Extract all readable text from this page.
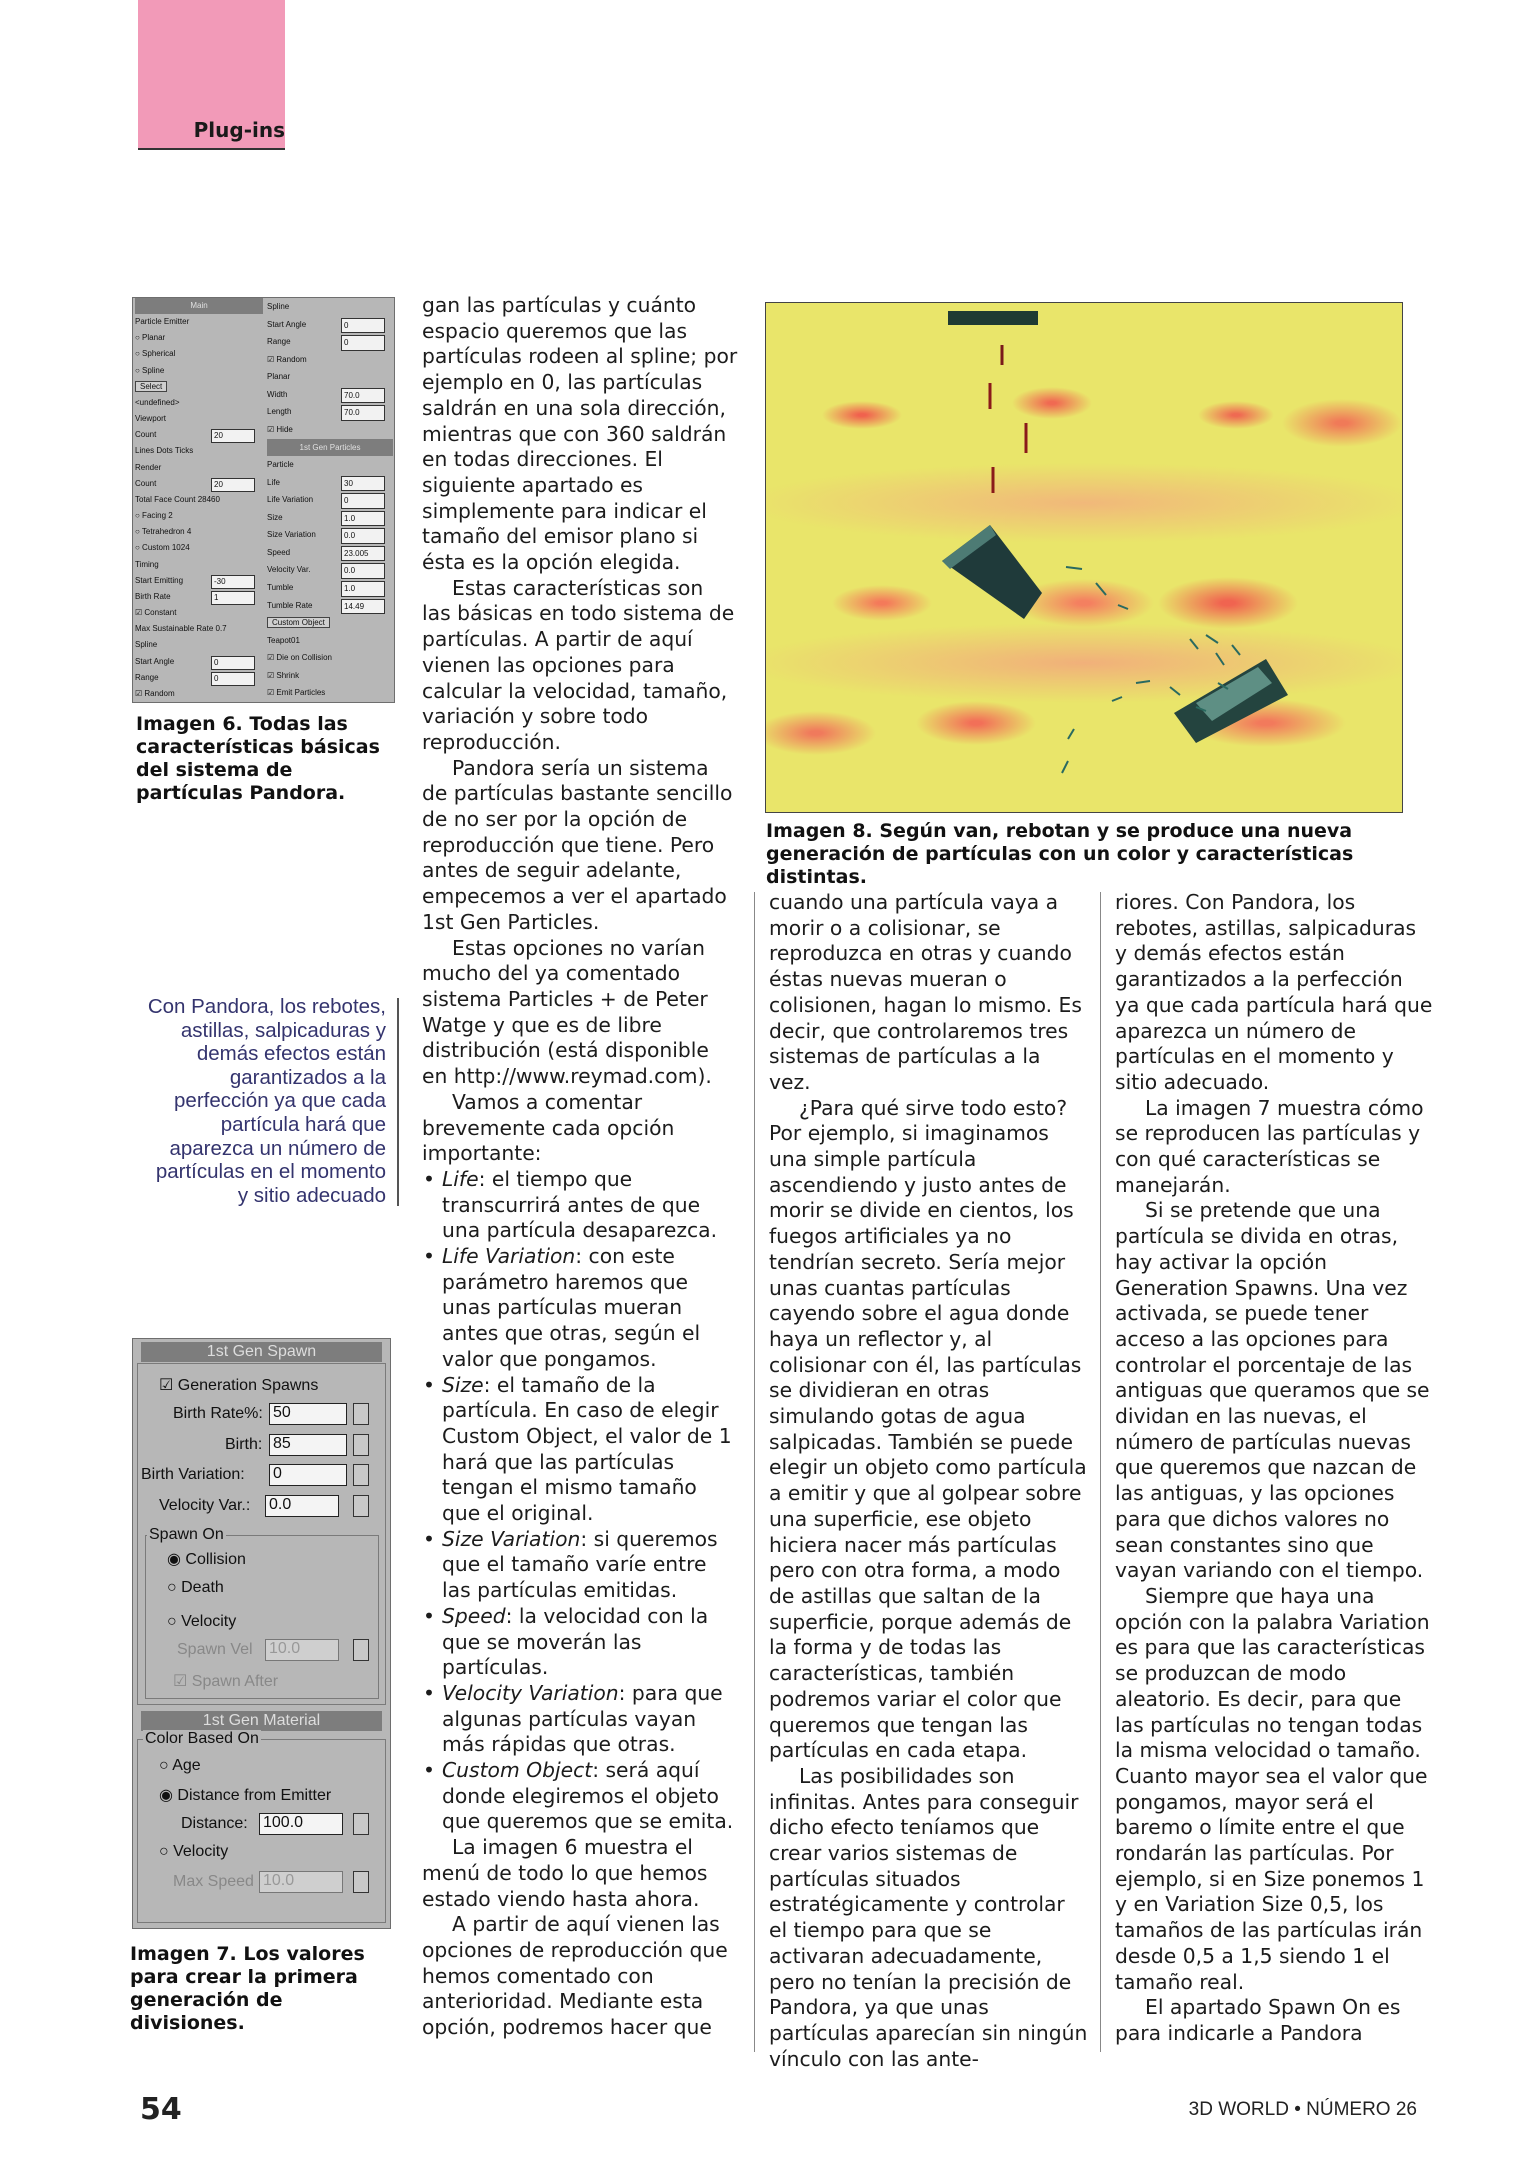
Plug-ins
Main
Particle Emitter
○ Planar
○ Spherical
○ Spline
Select
<undefined>
Viewport
Count	20
Lines Dots Ticks
Render
Count	20
Total Face Count 28460
○ Facing 2
○ Tetrahedron 4
○ Custom 1024
Timing
Start Emitting	-30
Birth Rate	1
☑ Constant
Max Sustainable Rate 0.7
Spline
Start Angle	0
Range	0
☑ Random
Spline
Start Angle	0
Range	0
☑ Random
Planar
Width	70.0
Length	70.0
☑ Hide
1st Gen Particles
Particle
Life	30
Life Variation	0
Size	1.0
Size Variation	0.0
Speed	23.005
Velocity Var.	0.0
Tumble	1.0
Tumble Rate	14.49
Custom Object
Teapot01
☑ Die on Collision
☑ Shrink
☑ Emit Particles
Imagen 6. Todas las características básicas del sistema de partículas Pandora.
Con Pandora, los rebotes, astillas, salpicaduras y demás efectos están garantizados a la perfección ya que cada partícula hará que aparezca un número de partículas en el momento y sitio adecuado
1st Gen Spawn
☑ Generation Spawns
Birth Rate%: 50
Birth: 85
Birth Variation: 0
Velocity Var.: 0.0
Spawn On
◉ Collision
○ Death
○ Velocity
Spawn Vel 10.0
☑ Spawn After
1st Gen Material
Color Based On
○ Age
◉ Distance from Emitter
Distance: 100.0
○ Velocity
Max Speed 10.0
Imagen 7. Los valores para crear la primera generación de divisiones.
Imagen 8. Según van, rebotan y se produce una nueva generación de partículas con un color y características distintas.

gan las partículas y cuánto espacio queremos que las partículas rodeen al spline; por ejemplo en 0, las partículas saldrán en una sola dirección, mientras que con 360 saldrán en todas direcciones. El siguiente apartado es simplemente para indicar el tamaño del emisor plano si ésta es la opción elegida.

Estas características son las básicas en todo sistema de partículas. A partir de aquí vienen las opciones para calcular la velocidad, tamaño, variación y sobre todo reproducción.

Pandora sería un sistema de partículas bastante sencillo de no ser por la opción de reproducción que tiene. Pero antes de seguir adelante, empecemos a ver el apartado 1st Gen Particles.

Estas opciones no varían mucho del ya comentado sistema Particles + de Peter Watge y que es de libre distribución (está disponible en http://www.reymad.com).

Vamos a comentar brevemente cada opción importante:

• Life: el tiempo que transcurrirá antes de que una partícula desaparezca.
• Life Variation: con este parámetro haremos que unas partículas mueran antes que otras, según el valor que pongamos.
• Size: el tamaño de la partícula. En caso de elegir Custom Object, el valor de 1 hará que las partículas tengan el mismo tamaño que el original.
• Size Variation: si queremos que el tamaño varíe entre las partículas emitidas.
• Speed: la velocidad con la que se moverán las partículas.
• Velocity Variation: para que algunas partículas vayan más rápidas que otras.
• Custom Object: será aquí donde elegiremos el objeto que queremos que se emita.

La imagen 6 muestra el menú de todo lo que hemos estado viendo hasta ahora.

A partir de aquí vienen las opciones de reproducción que hemos comentado con anterioridad. Mediante esta opción, podremos hacer que

cuando una partícula vaya a morir o a colisionar, se reproduzca en otras y cuando éstas nuevas mueran o colisionen, hagan lo mismo. Es decir, que controlaremos tres sistemas de partículas a la vez.

¿Para qué sirve todo esto? Por ejemplo, si imaginamos una simple partícula ascendiendo y justo antes de morir se divide en cientos, los fuegos artificiales ya no tendrían secreto. Sería mejor unas cuantas partículas cayendo sobre el agua donde haya un reflector y, al colisionar con él, las partículas se dividieran en otras simulando gotas de agua salpicadas. También se puede elegir un objeto como partícula a emitir y que al golpear sobre una superficie, ese objeto hiciera nacer más partículas pero con otra forma, a modo de astillas que saltan de la superficie, porque además de la forma y de todas las características, también podremos variar el color que queremos que tengan las partículas en cada etapa.

Las posibilidades son infinitas. Antes para conseguir dicho efecto teníamos que crear varios sistemas de partículas situados estratégicamente y controlar el tiempo para que se activaran adecuadamente, pero no tenían la precisión de Pandora, ya que unas partículas aparecían sin ningún vínculo con las ante-

riores. Con Pandora, los rebotes, astillas, salpicaduras y demás efectos están garantizados a la perfección ya que cada partícula hará que aparezca un número de partículas en el momento y sitio adecuado.

La imagen 7 muestra cómo se reproducen las partículas y con qué características se manejarán.

Si se pretende que una partícula se divida en otras, hay activar la opción Generation Spawns. Una vez activada, se puede tener acceso a las opciones para controlar el porcentaje de las antiguas que queramos que se dividan en las nuevas, el número de partículas nuevas que queremos que nazcan de las antiguas, y las opciones para que dichos valores no sean constantes sino que vayan variando con el tiempo.

Siempre que haya una opción con la palabra Variation es para que las características se produzcan de modo aleatorio. Es decir, para que las partículas no tengan todas la misma velocidad o tamaño. Cuanto mayor sea el valor que pongamos, mayor será el baremo o límite entre el que rondarán las partículas. Por ejemplo, si en Size ponemos 1 y en Variation Size 0,5, los tamaños de las partículas irán desde 0,5 a 1,5 siendo 1 el tamaño real.

El apartado Spawn On es para indicarle a Pandora

54	3D WORLD • NÚMERO 26
